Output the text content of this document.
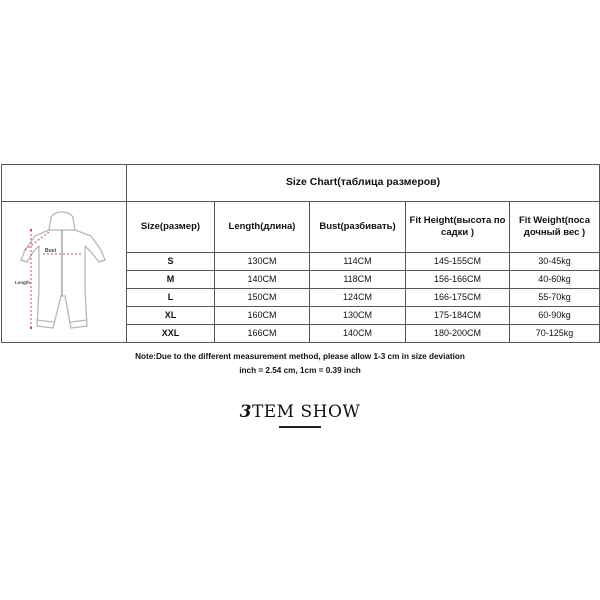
	Size Chart(таблица размеров)				

Bust
Length	Size(размер)	Length(длина)	Bust(разбивать)	Fit Height(высота по садки )	Fit Weight(поса дочный вес )
	S	130CM	114CM	145-155CM	30-45kg
	M	140CM	118CM	156-166CM	40-60kg
	L	150CM	124CM	166-175CM	55-70kg
	XL	160CM	130CM	175-184CM	60-90kg
	XXL	166CM	140CM	180-200CM	70-125kg
Note:Due to the different measurement method, please allow 1-3 cm in size deviation
inch = 2.54 cm, 1cm = 0.39 inch
3TEM SHOW
